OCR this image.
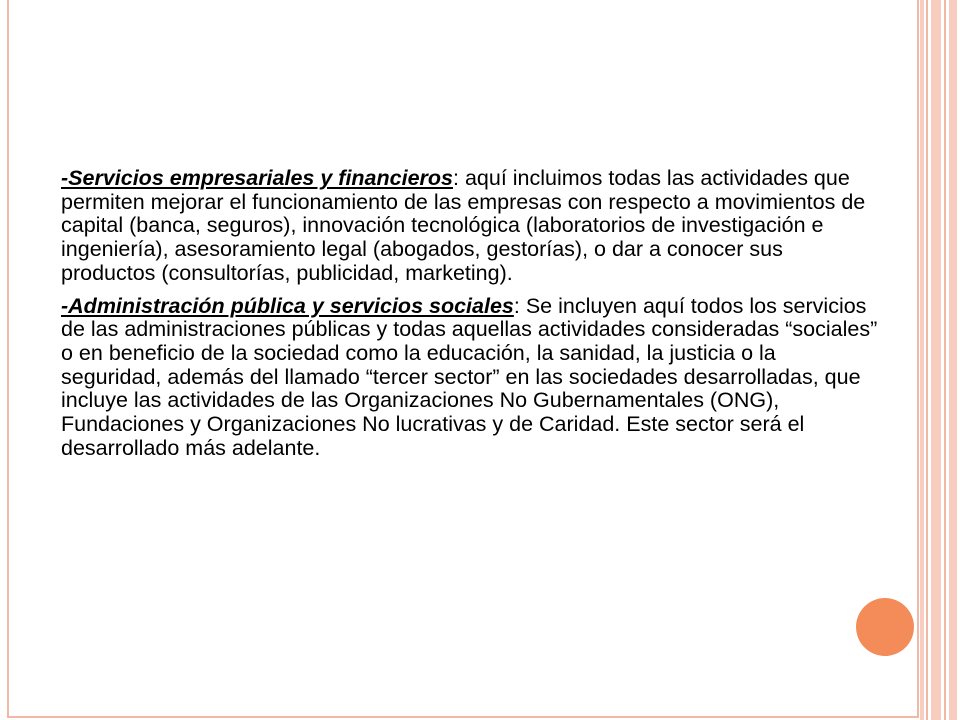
-Servicios empresariales y financieros: aquí incluimos todas las actividades que permiten mejorar el funcionamiento de las empresas con respecto a movimientos de capital (banca, seguros), innovación tecnológica (laboratorios de investigación e ingeniería), asesoramiento legal (abogados, gestorías), o dar a conocer sus productos (consultorías, publicidad, marketing).

-Administración pública y servicios sociales: Se incluyen aquí todos los servicios de las administraciones públicas y todas aquellas actividades consideradas “sociales” o en beneficio de la sociedad como la educación, la sanidad, la justicia o la seguridad, además del llamado “tercer sector” en las sociedades desarrolladas, que incluye las actividades de las Organizaciones No Gubernamentales (ONG), Fundaciones y Organizaciones No lucrativas y de Caridad. Este sector será el desarrollado más adelante.
